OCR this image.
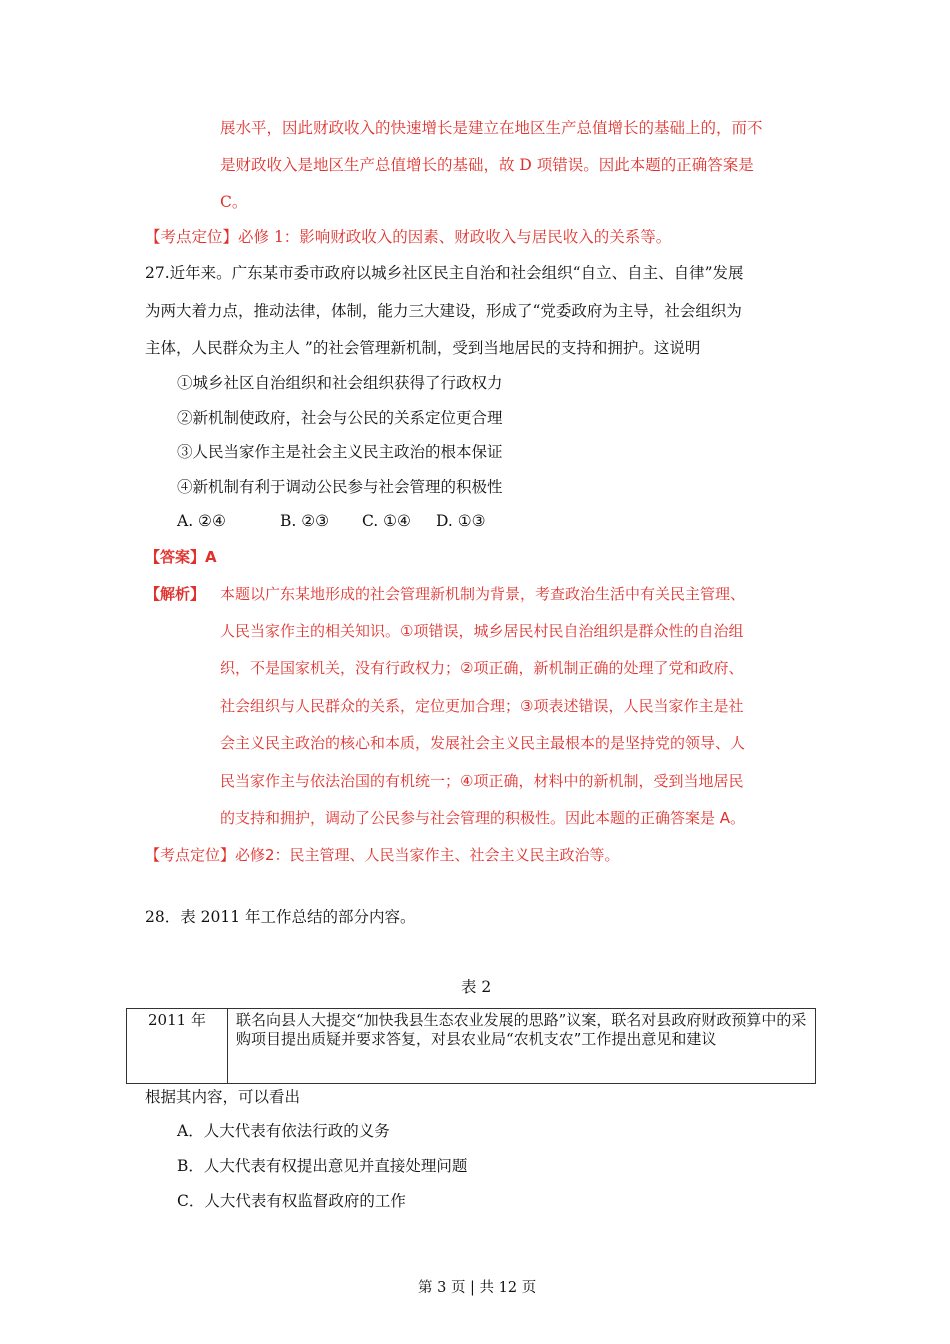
展水平，因此财政收入的快速增长是建立在地区生产总值增长的基础上的，而不
是财政收入是地区生产总值增长的基础，故 D 项错误。因此本题的正确答案是
C。
【考点定位】必修 1：影响财政收入的因素、财政收入与居民收入的关系等。
27.近年来。广东某市委市政府以城乡社区民主自治和社会组织“自立、自主、自律”发展
为两大着力点，推动法律，体制，能力三大建设，形成了“党委政府为主导，社会组织为
主体，人民群众为主人 ”的社会管理新机制，受到当地居民的支持和拥护。这说明
①城乡社区自治组织和社会组织获得了行政权力
②新机制使政府，社会与公民的关系定位更合理
③人民当家作主是社会主义民主政治的根本保证
④新机制有利于调动公民参与社会管理的积极性
A. ②④	B. ②③ C. ①④ D. ①③
【答案】A
【解析】 本题以广东某地形成的社会管理新机制为背景，考查政治生活中有关民主管理、
人民当家作主的相关知识。①项错误，城乡居民村民自治组织是群众性的自治组
织，不是国家机关，没有行政权力；②项正确，新机制正确的处理了党和政府、
社会组织与人民群众的关系，定位更加合理；③项表述错误，人民当家作主是社
会主义民主政治的核心和本质，发展社会主义民主最根本的是坚持党的领导、人
民当家作主与依法治国的有机统一；④项正确，材料中的新机制，受到当地居民
的支持和拥护，调动了公民参与社会管理的积极性。因此本题的正确答案是 A。
【考点定位】必修2：民主管理、人民当家作主、社会主义民主政治等。
28．表 2011 年工作总结的部分内容。
表 2
2011 年	联名向县人大提交“加快我县生态农业发展的思路”议案，联名对县政府财政预算中的采购项目提出质疑并要求答复，对县农业局“农机支农”工作提出意见和建议
根据其内容，可以看出
A．人大代表有依法行政的义务
B．人大代表有权提出意见并直接处理问题
C．人大代表有权监督政府的工作
第 3 页 | 共 12 页
